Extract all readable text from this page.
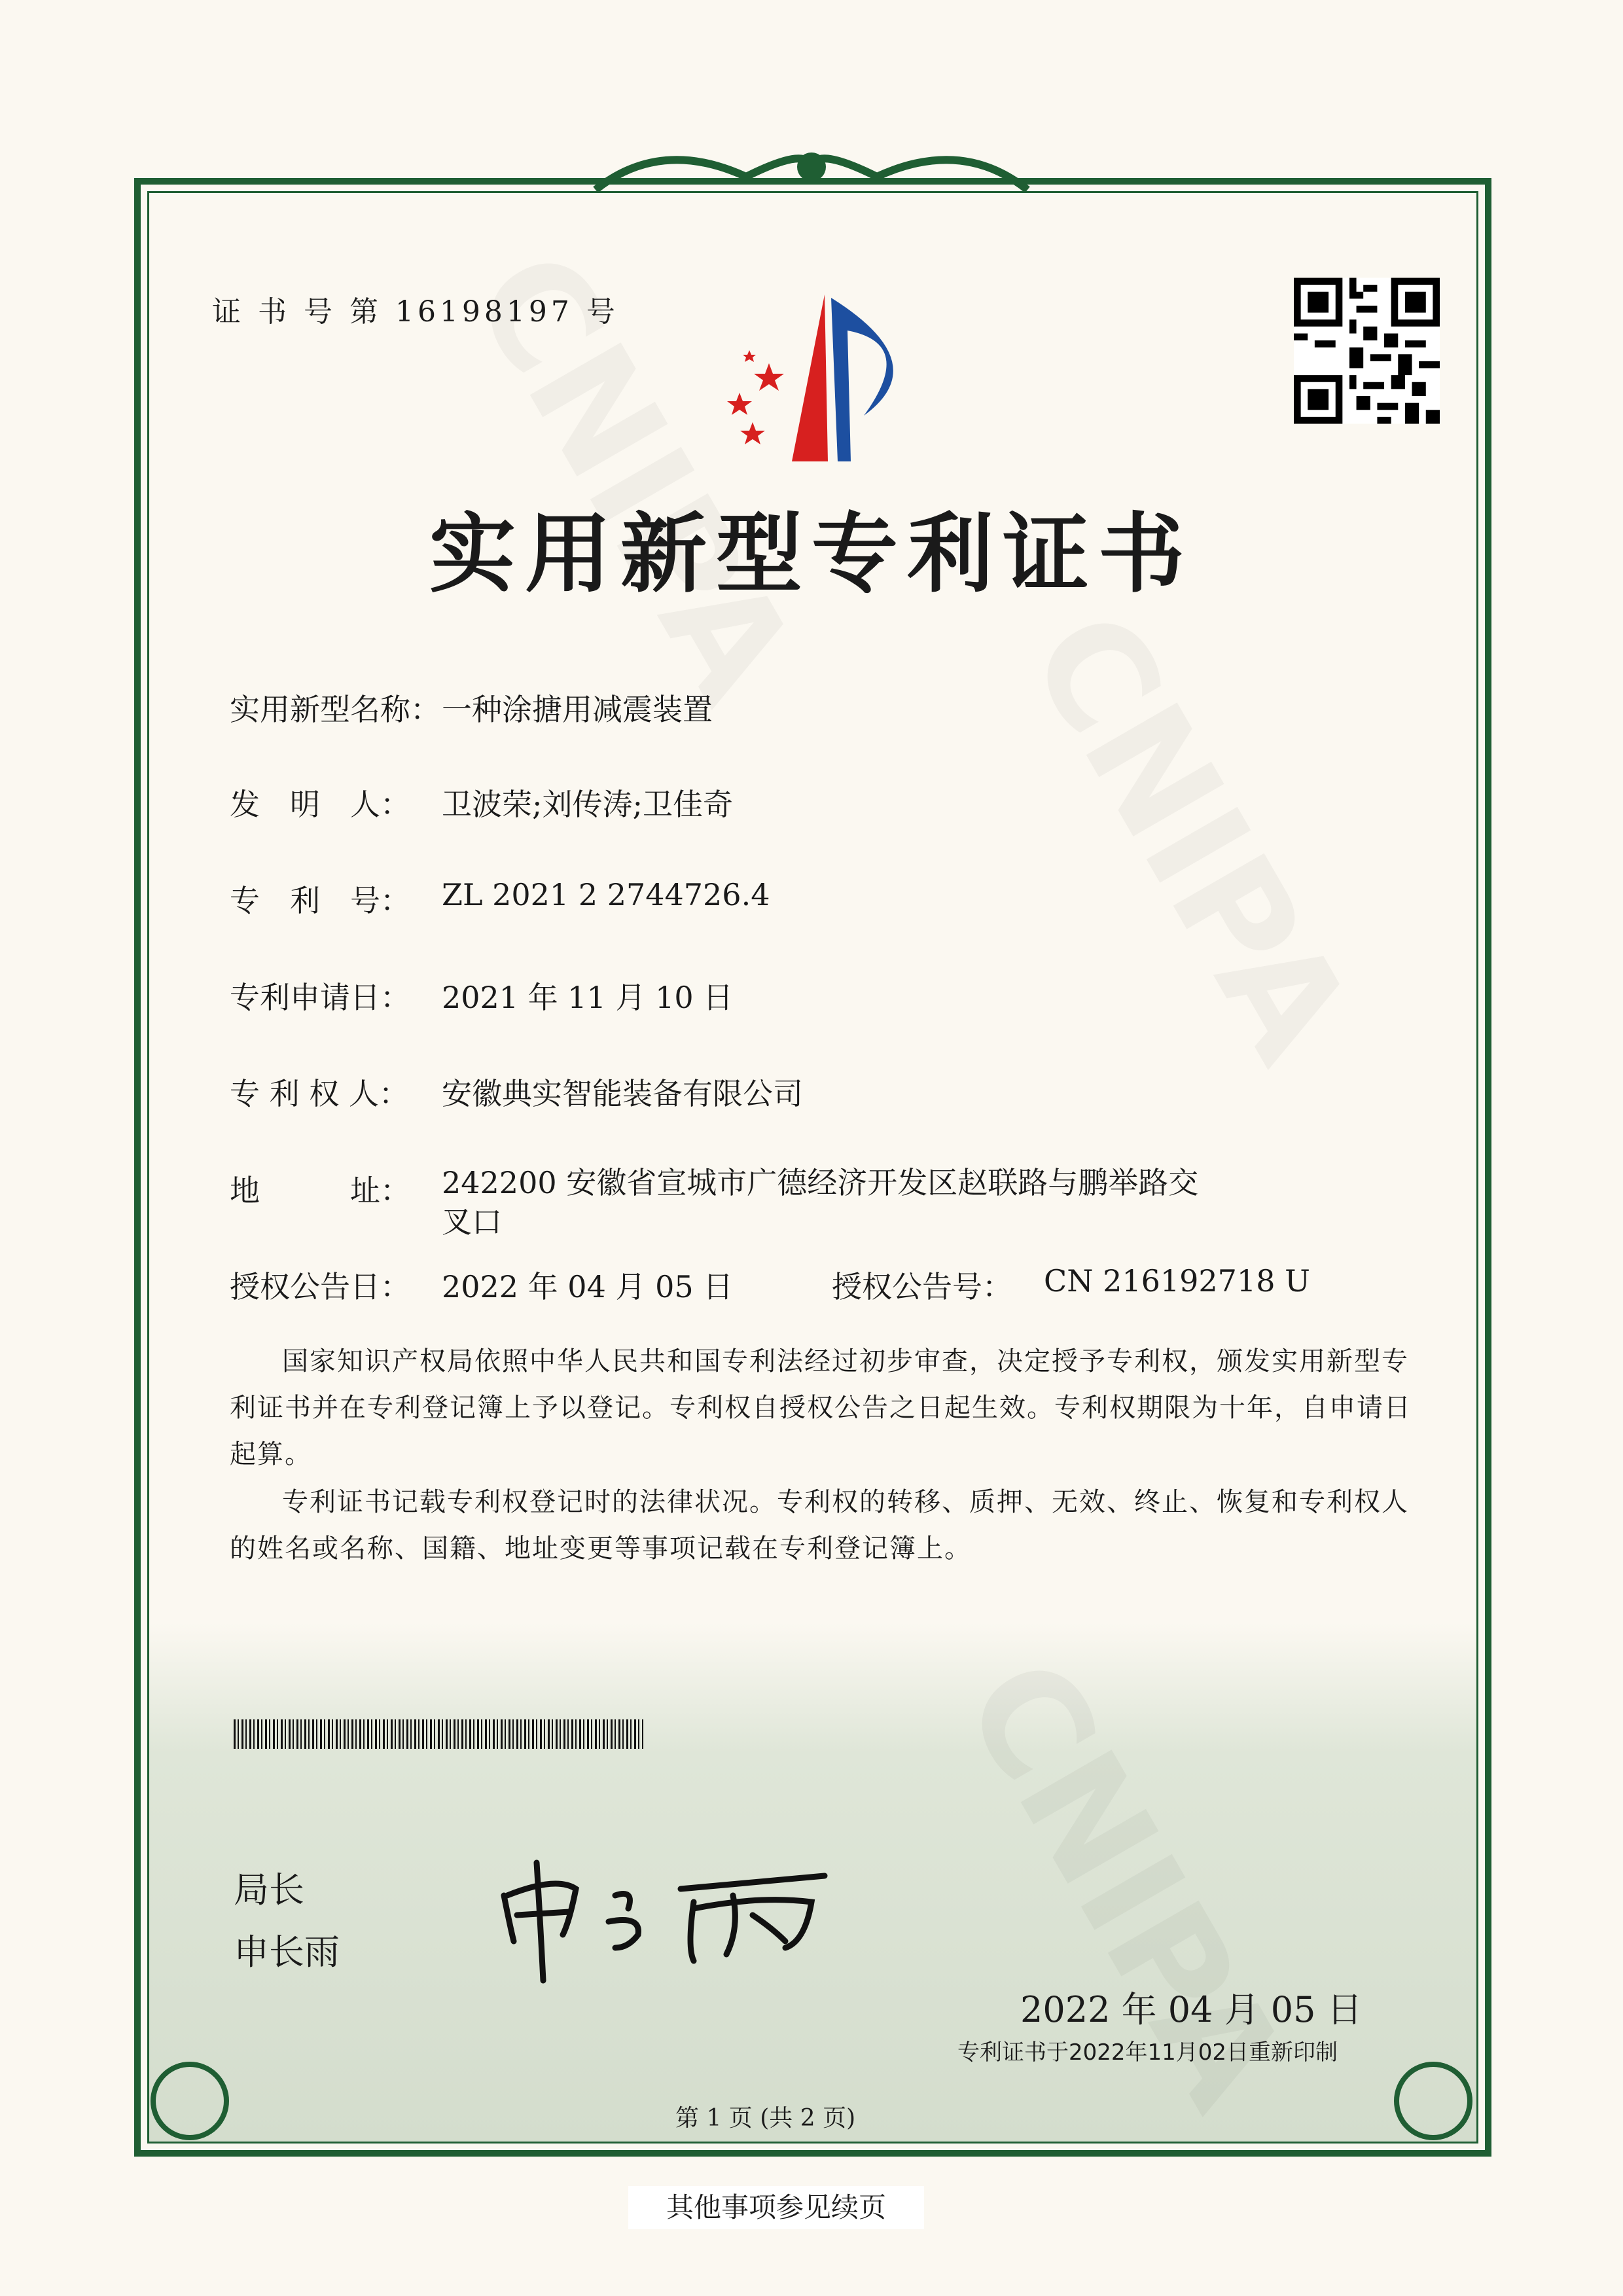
证 书 号 第 16198197 号
实用新型专利证书
实用新型名称： 一种涂搪用减震装置
发　明　人：	卫波荣;刘传涛;卫佳奇
专　利　号：	ZL 2021 2 2744726.4
专利申请日：	2021 年 11 月 10 日
专 利 权 人：	安徽典实智能装备有限公司
地　　　址：	242200 安徽省宣城市广德经济开发区赵联路与鹏举路交
叉口
授权公告日：	2022 年 04 月 05 日	授权公告号：	CN 216192718 U
国家知识产权局依照中华人民共和国专利法经过初步审查，决定授予专利权，颁发实用新型专利证书并在专利登记簿上予以登记。专利权自授权公告之日起生效。专利权期限为十年，自申请日起算。
专利证书记载专利权登记时的法律状况。专利权的转移、质押、无效、终止、恢复和专利权人的姓名或名称、国籍、地址变更等事项记载在专利登记簿上。
局长
申长雨
2022 年 04 月 05 日
专利证书于2022年11月02日重新印制
第 1 页 (共 2 页)
其他事项参见续页
